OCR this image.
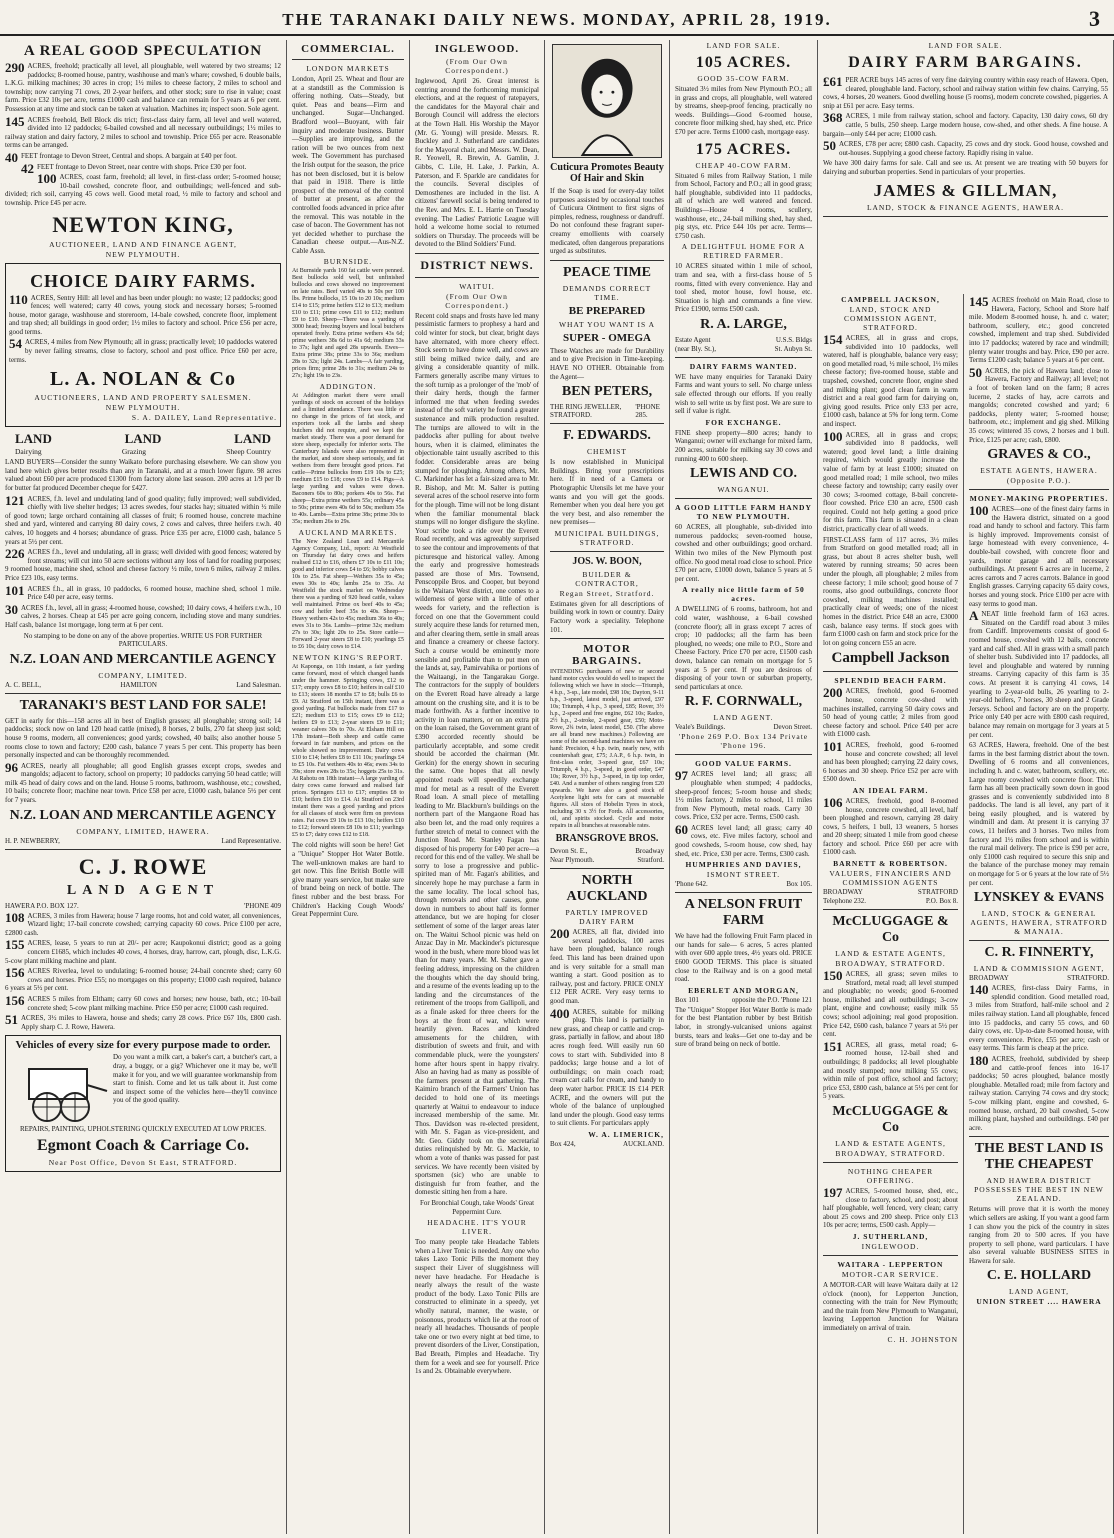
THE TARANAKI DAILY NEWS. MONDAY, APRIL 28, 1919.	3
A REAL GOOD SPECULATION
290 ACRES, freehold; practically all level, all ploughable, well watered by two streams; 12 paddocks; 8-roomed house, pantry, washhouse and man's whare; cowshed, 6 double bails, L.K.G. milking machines; 30 acres in crop; 1½ miles to cheese factory, 2 miles to school and township; now carrying 71 cows, 20 2-year heifers, and other stock; sure to rise in value; coast farm. Price £32 10s per acre, terms £1000 cash and balance can remain for 5 years at 6 per cent. Possession at any time and stock can be taken at valuation. Machines in; inspect soon. Sole agent.
145 ACRES freehold, Bell Block dis trict; first-class dairy farm, all level and well watered, divided into 12 paddocks; 6-bailed cowshed and all necessary outbuildings; 1½ miles to railway station and dairy factory, 2 miles to school and township. Price £65 per acre. Reasonable terms can be arranged.
40 FEET frontage to Devon Street, Central and shops. A bargain at £40 per foot.
42 FEET frontage to Devon Street, near centre with shops. Price £30 per foot.
100 ACRES, coast farm, freehold; all level, in first-class order; 5-roomed house; 10-bail cowshed, concrete floor, and outbuildings; well-fenced and sub-divided; rich soil, carrying 45 cows well. Good metal road, ½ mile to factory and school and township. Price £45 per acre.
NEWTON KING,
AUCTIONEER, LAND AND FINANCE AGENT,
NEW PLYMOUTH.
CHOICE DAIRY FARMS.
110 ACRES, Sentry Hill: all level and has been under plough: no waste; 12 paddocks; good fences; well watered; carry 40 cows, young stock and necessary horses; 5-roomed house, motor garage, washhouse and storeroom, 14-bale cowshed, concrete floor, implement and trap shed; all buildings in good order; 1½ miles to factory and school. Price £56 per acre, good terms.
54 ACRES, 4 miles from New Plymouth; all in grass; practically level; 10 paddocks watered by never failing streams, close to factory, school and post office. Price £60 per acre, terms.
L. A. NOLAN & Co
AUCTIONEERS, LAND AND PROPERTY SALESMEN.
NEW PLYMOUTH.
S. A. DAILEY, Land Representative.
LAND	LAND	LAND
Dairying	Grazing	Sheep Country
LAND BUYERS—Consider the sunny Waikato before purchasing elsewhere. We can show you land here which gives better results than any in Taranaki, and at a much lower figure. 98 acres valued about £60 per acre produced £1300 from factory alone last season. 200 acres at 1/9 per lb for butter fat produced December cheque for £427.
121 ACRES, f.h. level and undulating land of good quality; fully improved; well subdivided, chiefly with live shelter hedges; 13 acres swedes, four stacks hay; situated within ½ mile of good town; large orchard containing all classes of fruit; 6 roomed house, concrete machine shed and yard, wintered and carrying 80 dairy cows, 2 cows and calves, three heifers r.w.h. 40 calves, 10 hoggets and 4 horses; abundance of grass. Price £35 per acre, £1000 cash, balance 5 years at 5½ per cent.
226 ACRES f.h., level and undulating, all in grass; well divided with good fences; watered by front streams; will cut into 50 acre sections without any loss of land for roading purposes; 9 roomed house, machine shed, school and cheese factory ½ mile, town 6 miles, railway 2 miles. Price £23 10s, easy terms.
101 ACRES f.h., all in grass, 10 paddocks, 6 roomed house, machine shed, school 1 mile. Price £40 per acre, easy terms.
30 ACRES f.h., level, all in grass; 4-roomed house, cowshed; 10 dairy cows, 4 heifers r.w.h., 10 calves, 2 horses. Cheap at £45 per acre going concern, including stove and many sundries. Half cash, balance 1st mortgage, long term at 6 per cent.
No stamping to be done on any of the above properties. WRITE US FOR FURTHER PARTICULARS.
N.Z. LOAN AND MERCANTILE AGENCY
COMPANY, LIMITED.
A. C. BELL,	HAMILTON	Land Salesman.
TARANAKI'S BEST LAND FOR SALE!
GET in early for this—158 acres all in best of English grasses; all ploughable; strong soil; 14 paddocks; stock now on land 120 head cattle (mixed), 8 horses, 2 bulls, 270 fat sheep just sold; house 9 rooms, modern, all conveniences; good yards; cowshed, 40 bails; also another house 5 rooms close to town and factory; £200 cash, balance 7 years 5 per cent. This property has been personally inspected and can be thoroughly recommended.
96 ACRES, nearly all ploughable; all good English grasses except crops, swedes and mangolds; adjacent to factory, school on property; 10 paddocks carrying 50 head cattle; will milk 45 head of dairy cows and on the land. House 5 rooms, bathroom, washhouse, etc.; cowshed, 10 bails; concrete floor; machine near town. Price £58 per acre, £1000 cash, balance 5½ per cent for 7 years.
N.Z. LOAN AND MERCANTILE AGENCY
COMPANY, LIMITED, HAWERA.
H. P. NEWBERRY,	Land Representative.
C. J. ROWE
LAND AGENT
HAWERA P.O. BOX 127.	'PHONE 409
108 ACRES, 3 miles from Hawera; house 7 large rooms, hot and cold water, all conveniences, Wizard light; 17-bail concrete cowshed; carrying capacity 60 cows. Price £100 per acre, £2800 cash.
155 ACRES, lease, 5 years to run at 20/- per acre; Kaupokonui district; good as a going concern £1685, which includes 40 cows, 4 horses, dray, harrow, cart, plough, disc, L.K.G. 5-cow plant milking machine and plant.
156 ACRES Riverlea, level to undulating; 6-roomed house; 24-bail concrete shed; carry 60 cows and horses. Price £55; no mortgages on this property; £1000 cash required, balance 6 years at 5½ per cent.
156 ACRES 5 miles from Eltham; carry 60 cows and horses; new house, bath, etc.; 10-bail concrete shed; 5-cow plant milking machine. Price £50 per acre; £1000 cash required.
51 ACRES, 3½ miles to Hawera, house and sheds; carry 28 cows. Price £67 10s, £800 cash. Apply sharp C. J. Rowe, Hawera.
Vehicles of every size for every purpose made to order.
Do you want a milk cart, a baker's cart, a butcher's cart, a dray, a buggy, or a gig? Whichever one it may be, we'll make it for you, and we will guarantee workmanship from start to finish. Come and let us talk about it. Just come and inspect some of the vehicles here—they'll convince you of the good quality.
REPAIRS, PAINTING, UPHOLSTERING QUICKLY EXECUTED AT LOW PRICES.
Egmont Coach & Carriage Co.
Near Post Office, Devon St East, STRATFORD.
COMMERCIAL.
LONDON MARKETS
London, April 25. Wheat and flour are at a standstill as the Commission is offering nothing. Oats—Steady, but quiet. Peas and beans—Firm and unchanged. Sugar—Unchanged. Bradford wool—Buoyant, with fair inquiry and moderate business. Butter—Supplies are improving, and the ration will be two ounces from next week. The Government has purchased the Irish output for the season, the price has not been disclosed, but it is below that paid in 1918. There is little prospect of the removal of the control of butter at present, as after the controlled foods advanced in price after the removal. This was notable in the case of bacon. The Government has not yet decided whether to purchase the Canadian cheese output.—Aus-N.Z. Cable Assn.
BURNSIDE.
At Burnside yards 160 fat cattle were penned. Best bullocks sold well, but unfinished bullocks and cows showed no improvement on late rates. Beef varied 40s to 50s per 100 lbs. Prime bullocks, 15 10s to 20 10s; medium £14 to £15; prime heifers £12 to £13; medium £10 to £11; prime cows £11 to £12; medium £9 to £10. Sheep—There was a yarding of 3000 head; freezing buyers and local butchers operated freely. Extra prime wethers 43s 6d; prime wethers 38s 6d to 41s 6d; medium 33s to 37s; light and aged 28s upwards. Ewes—Extra prime 38s; prime 33s to 36s; medium 28s to 32s; light 24s. Lambs—A fair yarding, prices firm; prime 28s to 31s; medium 24s to 27s; light 19s to 23s.
ADDINGTON.
At Addington market there were small yardings of stock on account of the holidays and a limited attendance. There was little or no change in the prices of fat stock, and exporters took all the lambs and sheep butchers did not require, and we kept the market steady. There was a poor demand for store sheep, especially for inferior sorts. The Canterbury Islands were also represented in the market, and store sheep seriously, and fat wethers from there brought good prices. Fat cattle—Prime bullocks from £19 10s to £25; medium £15 to £18; cows £9 to £14. Pigs—A large yarding and values were down. Baconers 60s to 80s; porkers 40s to 56s. Fat sheep—Extra prime wethers 55s; ordinary 45s to 50s; prime ewes 40s 6d to 50s; medium 35s to 40s. Lambs—Extra prime 38s; prime 30s to 35s; medium 26s to 29s.
AUCKLAND MARKETS.
The New Zealand Loan and Mercantile Agency Company, Ltd., report: At Westfield on Thursday fat dairy cows and heifers realised £12 to £16, others £7 10s to £11 10s; good and inferior cows £4 to £6; bobby calves 10s to 25s. Fat sheep—Wethers 35s to 45s; ewes 30s to 40s; lambs 25s to 35s. At Westfield the stock market on Wednesday there was a yarding of 920 head cattle, values well maintained. Prime ox beef 40s to 45s; cow and heifer beef 35s to 40s. Sheep—Heavy wethers 42s to 45s; medium 36s to 40s; ewes 31s to 36s. Lambs—prime 32s; medium 27s to 30s; light 20s to 25s. Store cattle—Forward 2-year steers £8 to £10; yearlings £5 to £6 10s; dairy cows to £14.
NEWTON KING'S REPORT.
At Kaponga, on 11th instant, a fair yarding came forward, most of which changed hands under the hammer. Springing cows, £12 to £17; empty cows £8 to £10; heifers in calf £10 to £13; steers 18 months £7 to £8; bulls £6 to £9. At Stratford on 15th instant, there was a good yarding. Fat bullocks made from £17 to £21; medium £13 to £15; cows £9 to £12; heifers £9 to £13; 2-year steers £9 to £11; weaner calves 30s to 70s. At Elsham Hill on 17th instant—Both sheep and cattle came forward in fair numbers, and prices on the whole showed no improvement. Dairy cows £10 to £14; heifers £8 to £11 10s; yearlings £4 to £5 10s. Fat wethers 40s to 46s; ewes 34s to 39s; store ewes 28s to 35s; hoggets 25s to 31s. At Rahotu on 18th instant—A large yarding of dairy cows came forward and realised fair prices. Springers £13 to £17; empties £8 to £10; heifers £10 to £14. At Stratford on 23rd instant there was a good yarding and prices for all classes of stock were firm on previous rates. Fat cows £9 10s to £13 10s; heifers £10 to £12; forward steers £8 10s to £11; yearlings £5 to £7; dairy cows £12 to £18.
The cold nights will soon be here! Get a "Unique" Stopper Hot Water Bottle. The well-unknown makes are hard to get now. This fine British Bottle will give many years service, but make sure of brand being on neck of bottle. The finest rubber and the best brass. For Children's Hacking Cough Woods' Great Peppermint Cure.
INGLEWOOD.
(From Our Own Correspondent.)
Inglewood, April 26. Great interest is centring around the forthcoming municipal elections, and at the request of ratepayers, the candidates for the Mayoral chair and Borough Council will address the electors at the Town Hall. His Worship the Mayor (Mr. G. Young) will preside. Messrs. R. Buckley and J. Sutherland are candidates for the Mayoral chair, and Messrs. W. Dean, R. Yeowell, R. Brewin, A. Gamlin, J. Gibbs, C. Lile, H. Lake, J. Parkin, A. Paterson, and F. Sparkle are candidates for the councils. Several disciples of Demosthenes are included in the list. A citizens' farewell social is being tendered to the Rev. and Mrs. E. L. Harrie on Tuesday evening. The Ladies' Patriotic League will hold a welcome home social to returned soldiers on Thursday. The proceeds will be devoted to the Blind Soldiers' Fund.
DISTRICT NEWS.
WAITUI.
(From Our Own Correspondent.)
Recent cold snaps and frosts have led many pessimistic farmers to prophesy a hard and cold winter for stock, but clear, bright days have alternated, with more cheery effect. Stock seem to have done well, and cows are still being milked twice daily, and are giving a considerable quantity of milk. Farmers generally ascribe many virtues to the soft turnip as a prolonger of the 'mob' of their dairy herds, though the farmer informed me that when feeding swedes instead of the soft variety he found a greater sustenance and milk production resulted. The turnips are allowed to wilt in the paddocks after pulling for about twelve hours, when it is claimed, eliminates the objectionable taint usually ascribed to this fodder. Considerable areas are being stumped for ploughing. Among others, Mr. C. Markinder has let a fair-sized area to Mr. R. Bishop, and Mr. M. Salter is putting several acres of the school reserve into form for the plough. Time will not be long distant when the familiar monumental black stumps will no longer disfigure the skyline. Your scribe took a ride over the Everett Road recently, and was agreeably surprised to see the contour and improvements of that picturesque and historical valley. Among the early and progressive homesteads passed are those of Mrs. Townsend, Penscoppile Bros. and Cooper, but beyond is the Waitara West district, one comes to a wilderness of gorse with a little of other weeds for variety, and the reflection is forced on one that the Government could surely acquire these lands for returned men, and after clearing them, settle in small areas and finance a creamery or cheese factory. Such a course would be eminently more sensible and profitable than to put men on the lands at, say, Pamirvahika or portions of the Waitaangi, in the Tangarakau Gorge. The contractors for the supply of boulders on the Everett Road have already a large amount on the crushing site, and it is to be made forthwith. As a further incentive to activity in loan matters, or on an extra pit on the loan raised, the Government grant of £390 accorded recently should be particularly acceptable, and some credit should be accorded the chairman (Mr. Gerkin) for the energy shown in securing the same. One hopes that all newly appointed roads will speedily exchange mud for metal as a result of the Everett Road loan. A small piece of metalling leading to Mr. Blackburn's buildings on the northern part of the Mangaone Road has also been let, and the road only requires a further stretch of metal to connect with the Junction Road. Mr. Stanley Fagan has disposed of his property for £40 per acre—a record for this end of the valley. We shall be sorry to lose a progressive and public-spirited man of Mr. Fagan's abilities, and sincerely hope he may purchase a farm in the same locality. The local school has, through removals and other causes, gone down in numbers to about half its former attendance, but we are hoping for closer settlement of some of the larger areas later on. The Waitui School picnic was held on Anzac Day in Mr. Mackinder's picturesque wood in the bush, where more blood was let than for many years. Mr. M. Salter gave a feeling address, impressing on the children the thoughts which the day should bring, and a resume of the events leading up to the landing and the circumstances of the retirement of the troops from Gallipoli, and as a finale asked for three cheers for the boys at the front of war, which were heartily given. Races and kindred amusements for the children, with distribution of sweets and fruit, and with commendable pluck, were the youngsters' home after hours spent in happy rivalry. Also an having had as many as possible of the farmers present at that gathering. The Kaimiro branch of the Farmers' Union has decided to hold one of its meetings quarterly at Waitui to endeavour to induce increased membership of the same. Mr. Thos. Davidson was re-elected president, with Mr. S. Fagan as vice-president, and Mr. Geo. Giddy took on the secretarial duties relinquished by Mr. G. Mackie, to whom a vote of thanks was passed for past services. We have recently been visited by sportsmen (sic) who are unable to distinguish fur from feather, and the domestic sitting hen from a hare.
For Bronchial Cough, take Woods' Great Peppermint Cure.
HEADACHE. IT'S YOUR LIVER.
Too many people take Headache Tablets when a Liver Tonic is needed. Any one who takes Laxo Tonic Pills the moment they suspect their Liver of sluggishness will never have headache. For Headache is nearly always the result of the waste product of the body. Laxo Tonic Pills are constructed to eliminate in a speedy, yet wholly natural, manner, the waste, or poisonous, products which lie at the root of nearly all headaches. Thousands of people take one or two every night at bed time, to prevent disorders of the Liver, Constipation, Bad Breath, Pimples and Headache. Try them for a week and see for yourself. Price 1s and 2s. Obtainable everywhere.
Cuticura Promotes Beauty Of Hair and Skin
If the Soap is used for every-day toilet purposes assisted by occasional touches of Cuticura Ointment to first signs of pimples, redness, roughness or dandruff. Do not confound these fragrant super-creamy emollients with coarsely medicated, often dangerous preparations urged as substitutes.
PEACE TIME
DEMANDS CORRECT TIME.
BE PREPARED
WHAT YOU WANT IS A
SUPER - OMEGA
These Watches are made for Durability and to give Precision in Time-keeping. HAVE NO OTHER. Obtainable from the Agent—
BEN PETERS,
THE RING JEWELLER, STRATFORD.
'PHONE 285.
F. EDWARDS.
CHEMIST
Is now established in Municipal Buildings. Bring your prescriptions here. If in need of a Camera or Photographic Utensils let me have your wants and you will get the goods. Remember when you deal here you get the very best, and also remember the new premises—
MUNICIPAL BUILDINGS, STRATFORD.
JOS. W. BOON,
BUILDER & CONTRACTOR,
Regan Street, Stratford.
Estimates given for all descriptions of building work in town or country. Dairy Factory work a speciality. Telephone 101.
MOTOR BARGAINS.
INTENDING purchasers of new or second hand motor cycles would do well to inspect the following which we have in stock:—Triumph, 4 h.p., 3-sp., late model, £98 10s; Dayton, 9-11 h.p., 3-speed, latest model, just arrived, £97 10s; Triumph, 4 h.p., 3 speed, £85; Rover, 3½ h.p., 2-speed and free engine, £62 10s; Radco, 2½ h.p., 2-stroke, 2-speed gear, £50; Moto-Rove, 2¾ twin, latest model, £50. (The above are all brand new machines.) Following are some of the second-hand machines we have on hand: Precision, 4 h.p. twin, nearly new, with countershaft gear, £75; J.A.P., 6 h.p. twin, in first-class order, 3-speed gear, £67 10s; Triumph, 4 h.p., 3-speed, in good order, £47 10s; Rover, 3½ h.p., 3-speed, in tip top order, £40. And a number of others ranging from £20 upwards. We have also a good stock of Acetylene light sets for cars at reasonable figures. All sizes of Hobelin Tyres in stock, including 30 x 3½ for Fords. All accessories, oil, and spirits stocked. Cycle and motor repairs in all branches at reasonable rates.
BRANSGROVE BROS.
Devon St. E.,	Broadway
Near Plymouth.	Stratford.
NORTH AUCKLAND
PARTLY IMPROVED DAIRY FARM
200 ACRES, all flat, divided into several paddocks, 100 acres have been ploughed, balance rough feed. This land has been drained upon and is very suitable for a small man wanting a start. Good position as to railway, post and factory. PRICE ONLY £12 PER ACRE. Very easy terms to good man.
400 ACRES, suitable for milking plug. This land is partially in new grass, and cheap or cattle and crop-grass, partially in fallow, and about 180 acres rough feed. Will easily run 60 cows to start with. Subdivided into 8 paddocks; large house and a lot of outbuildings; on main coach road; cream cart calls for cream, and handy to deep water harbor. PRICE IS £14 PER ACRE, and the owners will put the whole of the balance of unploughed land under the plough. Good easy terms to suit clients. For particulars apply
W. A. LIMERICK,
Box 424,	AUCKLAND.
LAND FOR SALE.
105 ACRES.
GOOD 35-COW FARM.
Situated 3½ miles from New Plymouth P.O.; all in grass and crops, all ploughable, well watered by streams, sheep-proof fencing, practically no weeds. Buildings—Good 6-roomed house, concrete floor milking shed, hay shed, etc. Price £70 per acre. Terms £1000 cash, mortgage easy.
175 ACRES.
CHEAP 40-COW FARM.
Situated 6 miles from Railway Station, 1 mile from School, Factory and P.O.; all in good grass; half ploughable, subdivided into 11 paddocks, all of which are well watered and fenced. Buildings—House 4 rooms, scullery, washhouse, etc., 24-bail milking shed, hay shed, pig stys, etc. Price £44 10s per acre. Terms—£750 cash.
A DELIGHTFUL HOME FOR A RETIRED FARMER.
10 ACRES situated within 1 mile of school, tram and sea, with a first-class house of 5 rooms, fitted with every convenience. Hay and tool shed, motor house, fowl house, etc. Situation is high and commands a fine view. Price £1900, terms £500 cash.
R. A. LARGE,
Estate Agent	U.S.S. Bldgs
(near Bly. St.),	St. Aubyn St.
DAIRY FARMS WANTED.
WE have many enquiries for Taranaki Dairy Farms and want yours to sell. No charge unless sale effected through our efforts. If you really wish to sell write us by first post. We are sure to sell if value is right.
FOR EXCHANGE.
FINE sheep property—800 acres; handy to Wanganui; owner will exchange for mixed farm, 200 acres, suitable for milking say 30 cows and running 400 to 600 sheep.
LEWIS AND CO.
WANGANUI.
A GOOD LITTLE FARM HANDY TO NEW PLYMOUTH.
60 ACRES, all ploughable, sub-divided into numerous paddocks; seven-roomed house, cowshed and other outbuildings; good orchard. Within two miles of the New Plymouth post office. No good metal road close to school. Price £70 per acre, £1000 down, balance 5 years at 5 per cent.
A really nice little farm of 50 acres.
A DWELLING of 6 rooms, bathroom, hot and cold water, washhouse, a 6-bail cowshed (concrete floor); all in grass except 7 acres of crop; 10 paddocks; all the farm has been ploughed, no weeds; one mile to P.O., Store and Cheese Factory. Price £70 per acre, £1500 cash down, balance can remain on mortgage for 5 years at 5 per cent. If you are desirous of disposing of your town or suburban property, send particulars at once.
R. F. CORNWALL,
LAND AGENT.
Veale's Buildings.	Devon Street.
'Phone 269 P.O. Box 134 Private 'Phone 196.
GOOD VALUE FARMS.
97 ACRES level land; all grass; all ploughable when stumped; 4 paddocks, sheep-proof fences; 5-room house and sheds; 1½ miles factory, 2 miles to school, 11 miles from New Plymouth, metal roads. Carry 30 cows. Price, £32 per acre. Terms, £500 cash.
60 ACRES level land; all grass; carry 40 cows, etc. Five miles factory, school and good cowsheds, 5-room house, cow shed, hay shed, etc. Price, £30 per acre. Terms, £300 cash.
HUMPHRIES AND DAVIES,
ISMONT STREET.
'Phone 642.	Box 105.
A NELSON FRUIT FARM
We have had the following Fruit Farm placed in our hands for sale— 6 acres, 5 acres planted with over 600 apple trees, 4½ years old. PRICE £600 GOOD TERMS. This place is situated close to the Railway and is on a good metal road.
EBERLET AND MORGAN,
Box 101	opposite the P.O. 'Phone 121
The "Unique" Stopper Hot Water Bottle is made for the best Plantation rubber by best British labor, in strongly-vulcanised unions against bursts, tears and leaks—Get one to-day and be sure of brand being on neck of bottle.
LAND FOR SALE.
DAIRY FARM BARGAINS.
£61 PER ACRE buys 145 acres of very fine dairying country within easy reach of Hawera. Open, cleared, ploughable land. Factory, school and railway station within few chains. Carrying, 55 cows, 4 horses, 20 weaners. Good dwelling house (5 rooms), modern concrete cowshed, piggeries. A snip at £61 per acre. Easy terms.
368 ACRES, 1 mile from railway station, school and factory. Capacity, 130 dairy cows, 60 dry cattle, 5 bulls, 250 sheep. Large modern house, cow-shed, and other sheds. A fine house. A bargain—only £44 per acre; £1000 cash.
50 ACRES, £78 per acre; £800 cash. Capacity, 25 cows and dry stock. Good house, cowshed and out-houses. Supplying a good cheese factory. Rapidly rising in value.
We have 300 dairy farms for sale. Call and see us. At present we are treating with 50 buyers for dairying and suburban properties. Send in particulars of your properties.
JAMES & GILLMAN,
LAND, STOCK & FINANCE AGENTS, HAWERA.
CAMPBELL JACKSON,
LAND, STOCK AND COMMISSION AGENT, STRATFORD.
154 ACRES, all in grass and crops, subdivided into 10 paddocks, well watered, half is ploughable, balance very easy; on good metalled road, ½ mile school, 1½ miles cheese factory; five-roomed house, stable and trapshed, cowshed, concrete floor, engine shed and milking plant; good clean farm in warm district and a real good farm for dairying on, giving good results. Price only £33 per acre, £1000 cash, balance at 5% for long term. Come and inspect.
100 ACRES, all in grass and crops; subdivided into 8 paddocks, well watered; good level land; a little draining required, which would greatly increase the value of farm by at least £1000; situated on good metalled road; 1 mile school, two miles cheese factory and township; carry easily over 30 cows; 3-roomed cottage, 8-bail concrete-floor cowshed. Price £30 an acre, £500 cash required. Could not help getting a good price for this farm. This farm is situated in a clean district, practically clear of all weeds.
FIRST-CLASS farm of 117 acres, 3½ miles from Stratford on good metalled road; all in grass, but about 8 acres shelter bush, well watered by running streams; 50 acres been under the plough, all ploughable; 2 miles from cheese factory; 1 mile school; good house of 7 rooms, also good outbuildings, concrete floor cowshed, milking machines installed; practically clear of weeds; one of the nicest homes in the district. Price £48 an acre, £3000 cash, balance easy terms. If stock goes with farm £1000 cash on farm and stock price for the lot on going concern £55 an acre.
Campbell Jackson
SPLENDID BEACH FARM.
200 ACRES, freehold, good 6-roomed house, concrete cow-shed with machines installed, carrying 50 dairy cows and 50 head of young cattle; 2 miles from good cheese factory and school. Price £40 per acre with £1000 cash.
101 ACRES, freehold, good 6-roomed house and concrete cowshed; all level and has been ploughed; carrying 22 dairy cows, 6 horses and 30 sheep. Price £52 per acre with £500 down.
AN IDEAL FARM.
106 ACRES, freehold, good 8-roomed house, concrete cowshed, all level, half been ploughed and resown, carrying 28 dairy cows, 5 heifers, 1 bull, 13 weaners, 5 horses and 20 sheep; situated 1 mile from good cheese factory and school. Price £60 per acre with £1000 cash.
BARNETT & ROBERTSON.
VALUERS, FINANCIERS AND COMMISSION AGENTS
BROADWAY	STRATFORD
Telephone 232.	P.O. Box 8.
McCLUGGAGE & Co
LAND & ESTATE AGENTS,
BROADWAY, STRATFORD.
150 ACRES, all grass; seven miles to Stratford, metal road; all level stumped and ploughable; no weeds; good 6-roomed house, milkshed and all outbuildings; 3-cow plant, engine and cowhouse; easily milk 55 cows; school adjoining; real good proposition. Price £42, £600 cash, balance 7 years at 5½ per cent.
151 ACRES, all grass, metal road; 6-roomed house, 12-bail shed and outbuildings; 8 paddocks; all level ploughable and mostly stumped; now milking 55 cows; within mile of post office, school and factory; price £53, £800 cash, balance at 5½ per cent for 5 years.
McCLUGGAGE & Co
LAND & ESTATE AGENTS,
BROADWAY, STRATFORD.
NOTHING CHEAPER OFFERING.
197 ACRES, 5-roomed house, shed, etc., close to factory, school, and post; about half ploughable, well fenced, very clean; carry about 25 cows and 200 sheep. Price only £13 10s per acre; terms, £500 cash. Apply—
J. SUTHERLAND,
INGLEWOOD.
WAITARA - LEPPERTON
MOTOR-CAR SERVICE.
A MOTOR-CAR will leave Waitara daily at 12 o'clock (noon), for Lepperton Junction, connecting with the train for New Plymouth; and the train from New Plymouth to Wanganui, leaving Lepperton Junction for Waitara immediately on arrival of train.
C. H. JOHNSTON
145 ACRES freehold on Main Road, close to Hawera, Factory, School and Store half mile. Modern 8-roomed house, h. and c. water; bathroom, scullery, etc.; good concreted cowshed, implement and trap shed. Subdivided into 17 paddocks; watered by race and windmill; plenty water troughs and bay. Price, £90 per acre. Terms £1200 cash; balance 5 years at 6 per cent.
50 ACRES, the pick of Hawera land; close to Hawera, Factory and Railway; all level; not a foot of broken land on the farm; 8 acres lucerne, 2 stacks of hay, acre carrots and mangolds; concreted cowshed and yard; 6 paddocks, plenty water; 5-roomed house; bathroom, etc.; implement and gig shed. Milking 35 cows; wintered 35 cows, 2 horses and 1 bull. Price, £125 per acre; cash, £800.
GRAVES & CO.,
ESTATE AGENTS, HAWERA.
(Opposite P.O.).
MONEY-MAKING PROPERTIES.
100 ACRES—one of the finest dairy farms in the Hawera district, situated on a good road and handy to school and factory. This farm is highly improved. Improvements consist of large homestead with every convenience, 4-double-bail cowshed, with concrete floor and yards, motor garage and all necessary outbuildings. At present 6 acres are in lucerne, 2 acres carrots and 7 acres carrots. Balance in good English grasses. Carrying capacity 65 dairy cows, horses and young stock. Price £100 per acre with easy terms to good man.
ANEAT little freehold farm of 163 acres. Situated on the Cardiff road about 3 miles from Cardiff. Improvements consist of good 6-roomed house, cowshed with 12 bails, concrete yard and calf shed. All in grass with a small patch of shelter bush. Subdivided into 17 paddocks, all level and ploughable and watered by running streams. Carrying capacity of this farm is 35 cows. At present it is carrying 41 cows, 14 yearling to 2-year-old bulls, 26 yearling to 2-year-old heifers, 7 horses, 30 sheep and 2 Grade Jerseys. School and factory are on the property. Price only £40 per acre with £800 cash required, balance may remain on mortgage for 3 years at 5 per cent.
63 ACRES, Hawera, freehold. One of the best farms in the best farming district about the town. Dwelling of 6 rooms and all conveniences, including h. and c. water, bathroom, scullery, etc. Large roomy cowshed with concrete floor. This farm has all been practically sown down in good grasses and is conveniently subdivided into 8 paddocks. The land is all level, any part of it being easily ploughed, and is watered by windmill and dam. At present it is carrying 37 cows, 11 heifers and 3 horses. Two miles from factory and 1½ miles from school and is within the rural mail delivery. The price is £90 per acre, only £1000 cash required to secure this snip and the balance of the purchase money may remain on mortgage for 5 or 6 years at the low rate of 5½ per cent.
LYNSKEY & EVANS
LAND, STOCK & GENERAL AGENTS, HAWERA, STRATFORD & MANAIA.
C. R. FINNERTY,
LAND & COMMISSION AGENT,
BROADWAY	STRATFORD.
140 ACRES, first-class Dairy Farms, in splendid condition. Good metalled road, 3 miles from Stratford, half-mile school and 2 miles railway station. Land all ploughable, fenced into 15 paddocks, and carry 55 cows, and 60 dairy cows, etc. Up-to-date 8-roomed house, with every convenience. Price, £55 per acre; cash or easy terms. This farm is cheap at the price.
180 ACRES, freehold, subdivided by sheep and cattle-proof fences into 16-17 paddocks; 50 acres ploughed, balance mostly ploughable. Metalled road; mile from factory and railway station. Carrying 74 cows and dry stock; 5-cow milking plant, engine and cowshed, 6-roomed house, orchard, 20 bail cowshed, 5-cow milking plant, hayshed and outbuildings. £40 per acre.
THE BEST LAND IS THE CHEAPEST
AND HAWERA DISTRICT POSSESSES THE BEST IN NEW ZEALAND.
Returns will prove that it is worth the money which sellers are asking. If you want a good farm I can show you the pick of the country in sizes ranging from 20 to 500 acres. If you have property to sell phone, ward particulars. I have also several valuable BUSINESS SITES in Hawera for sale.
C. E. HOLLARD
LAND AGENT,
UNION STREET .... HAWERA
